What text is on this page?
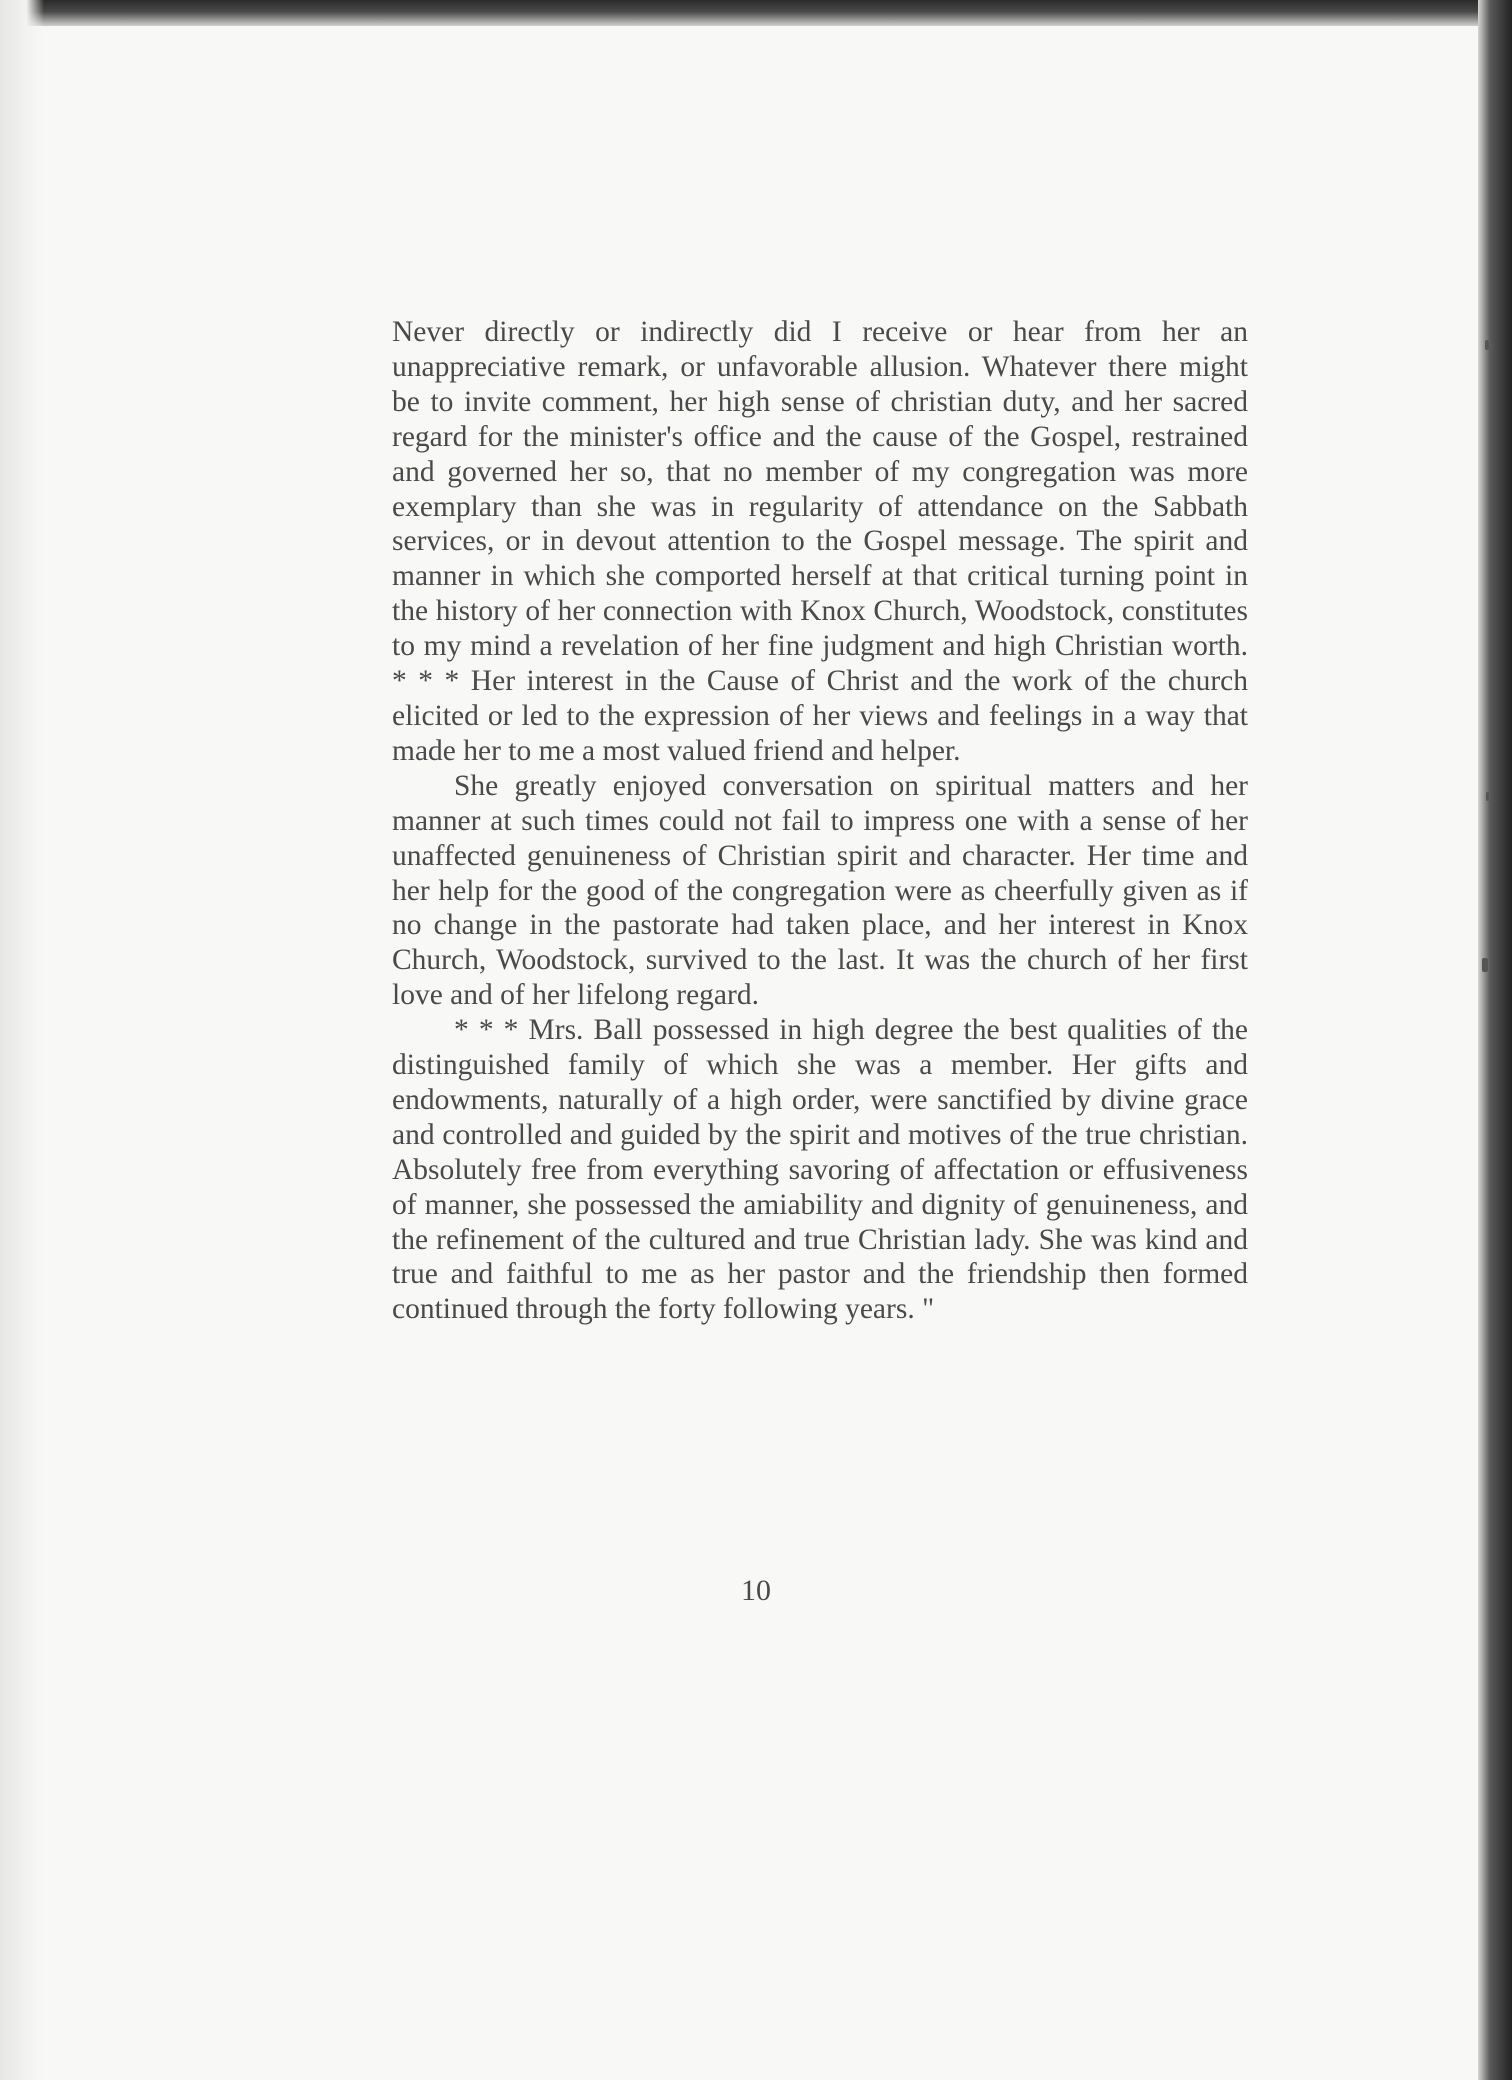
Never directly or indirectly did I receive or hear from her an unappreciative remark, or unfavorable allusion. Whatever there might be to invite comment, her high sense of christian duty, and her sacred regard for the minister's office and the cause of the Gospel, restrained and governed her so, that no member of my congregation was more exemplary than she was in regularity of attendance on the Sabbath services, or in devout attention to the Gospel message. The spirit and manner in which she comported herself at that critical turning point in the history of her connection with Knox Church, Woodstock, constitutes to my mind a revelation of her fine judgment and high Christian worth. * * * Her interest in the Cause of Christ and the work of the church elicited or led to the expression of her views and feelings in a way that made her to me a most valued friend and helper.

She greatly enjoyed conversation on spiritual matters and her manner at such times could not fail to impress one with a sense of her unaffected genuineness of Christian spirit and character. Her time and her help for the good of the congregation were as cheerfully given as if no change in the pastorate had taken place, and her interest in Knox Church, Woodstock, survived to the last. It was the church of her first love and of her lifelong regard.

* * * Mrs. Ball possessed in high degree the best qualities of the distinguished family of which she was a member. Her gifts and endowments, naturally of a high order, were sanctified by divine grace and controlled and guided by the spirit and motives of the true christian. Absolutely free from everything savoring of affectation or effusiveness of manner, she possessed the amiability and dignity of genuineness, and the refinement of the cultured and true Christian lady. She was kind and true and faithful to me as her pastor and the friendship then formed continued through the forty following years. "

10
